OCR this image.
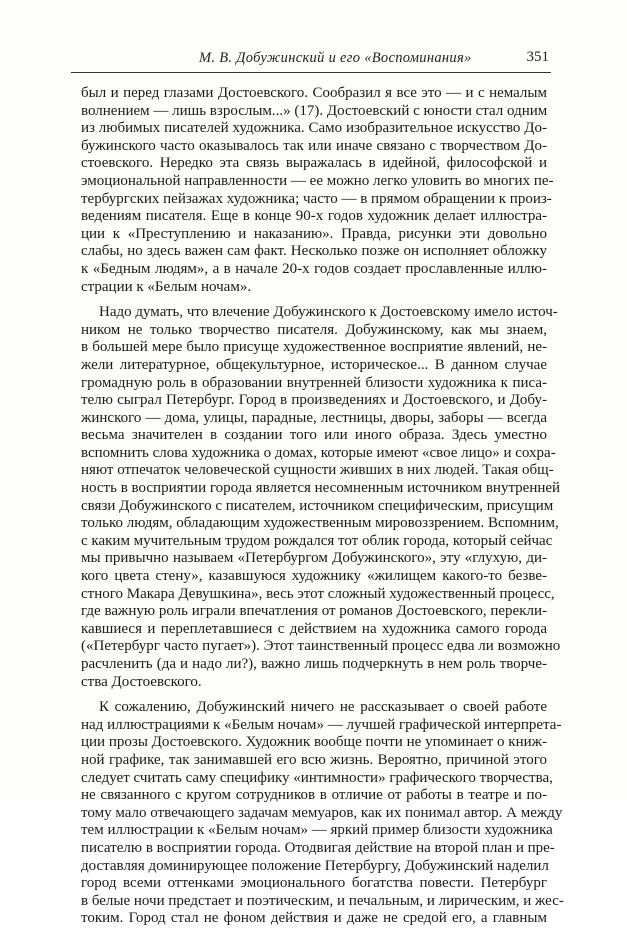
М. В. Добужинский и его «Воспоминания»	351
был и перед глазами Достоевского. Сообразил я все это — и с немалым
волнением — лишь взрослым...» (17). Достоевский с юности стал одним
из любимых писателей художника. Само изобразительное искусство До-
бужинского часто оказывалось так или иначе связано с творчеством До-
стоевского. Нередко эта связь выражалась в идейной, философской и
эмоциональной направленности — ее можно легко уловить во многих пе-
тербургских пейзажах художника; часто — в прямом обращении к произ-
ведениям писателя. Еще в конце 90-х годов художник делает иллюстра-
ции к «Преступлению и наказанию». Правда, рисунки эти довольно
слабы, но здесь важен сам факт. Несколько позже он исполняет обложку
к «Бедным людям», а в начале 20-х годов создает прославленные иллю-
страции к «Белым ночам».
Надо думать, что влечение Добужинского к Достоевскому имело источ-
ником не только творчество писателя. Добужинскому, как мы знаем,
в большей мере было присуще художественное восприятие явлений, не-
жели литературное, общекультурное, историческое... В данном случае
громадную роль в образовании внутренней близости художника к писа-
телю сыграл Петербург. Город в произведениях и Достоевского, и Добу-
жинского — дома, улицы, парадные, лестницы, дворы, заборы — всегда
весьма значителен в создании того или иного образа. Здесь уместно
вспомнить слова художника о домах, которые имеют «свое лицо» и сохра-
няют отпечаток человеческой сущности живших в них людей. Такая общ-
ность в восприятии города является несомненным источником внутренней
связи Добужинского с писателем, источником специфическим, присущим
только людям, обладающим художественным мировоззрением. Вспомним,
с каким мучительным трудом рождался тот облик города, который сейчас
мы привычно называем «Петербургом Добужинского», эту «глухую, ди-
кого цвета стену», казавшуюся художнику «жилищем какого-то безве-
стного Макара Девушкина», весь этот сложный художественный процесс,
где важную роль играли впечатления от романов Достоевского, перекли-
кавшиеся и переплетавшиеся с действием на художника самого города
(«Петербург часто пугает»). Этот таинственный процесс едва ли возможно
расчленить (да и надо ли?), важно лишь подчеркнуть в нем роль творче-
ства Достоевского.
К сожалению, Добужинский ничего не рассказывает о своей работе
над иллюстрациями к «Белым ночам» — лучшей графической интерпрета-
ции прозы Достоевского. Художник вообще почти не упоминает о книж-
ной графике, так занимавшей его всю жизнь. Вероятно, причиной этого
следует считать саму специфику «интимности» графического творчества,
не связанного с кругом сотрудников в отличие от работы в театре и по-
тому мало отвечающего задачам мемуаров, как их понимал автор. А между
тем иллюстрации к «Белым ночам» — яркий пример близости художника
писателю в восприятии города. Отодвигая действие на второй план и пре-
доставляя доминирующее положение Петербургу, Добужинский наделил
город всеми оттенками эмоционального богатства повести. Петербург
в белые ночи предстает и поэтическим, и печальным, и лирическим, и жес-
токим. Город стал не фоном действия и даже не средой его, а главным
